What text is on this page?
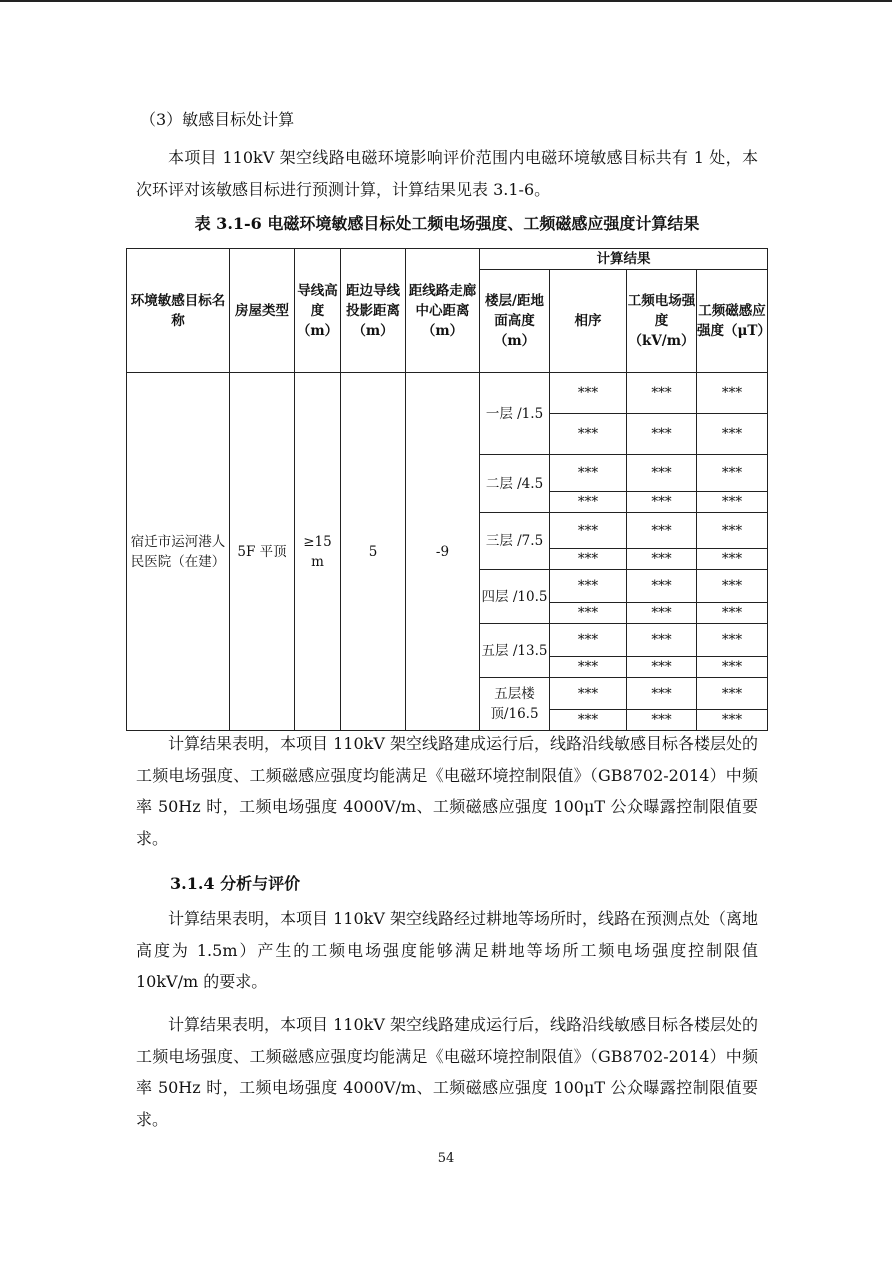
（3）敏感目标处计算
本项目 110kV 架空线路电磁环境影响评价范围内电磁环境敏感目标共有 1 处，本次环评对该敏感目标进行预测计算，计算结果见表 3.1-6。
表 3.1-6 电磁环境敏感目标处工频电场强度、工频磁感应强度计算结果
环境敏感目标名称	房屋类型	导线高度（m）	距边导线投影距离（m）	距线路走廊中心距离（m）	计算结果			
					楼层/距地面高度（m）	相序	工频电场强度（kV/m）	工频磁感应强度（μT）
宿迁市运河港人民医院（在建）	5F 平顶	≥15 m	5	-9	一层 /1.5	***	***	***
						***	***	***
					二层 /4.5	***	***	***
						***	***	***
					三层 /7.5	***	***	***
						***	***	***
					四层 /10.5	***	***	***
						***	***	***
					五层 /13.5	***	***	***
						***	***	***
					五层楼顶/16.5	***	***	***
						***	***	***
计算结果表明，本项目 110kV 架空线路建成运行后，线路沿线敏感目标各楼层处的工频电场强度、工频磁感应强度均能满足《电磁环境控制限值》（GB8702-2014）中频率 50Hz 时，工频电场强度 4000V/m、工频磁感应强度 100μT 公众曝露控制限值要求。
3.1.4 分析与评价
计算结果表明，本项目 110kV 架空线路经过耕地等场所时，线路在预测点处（离地高度为 1.5m）产生的工频电场强度能够满足耕地等场所工频电场强度控制限值 10kV/m 的要求。
计算结果表明，本项目 110kV 架空线路建成运行后，线路沿线敏感目标各楼层处的工频电场强度、工频磁感应强度均能满足《电磁环境控制限值》（GB8702-2014）中频率 50Hz 时，工频电场强度 4000V/m、工频磁感应强度 100μT 公众曝露控制限值要求。
54
